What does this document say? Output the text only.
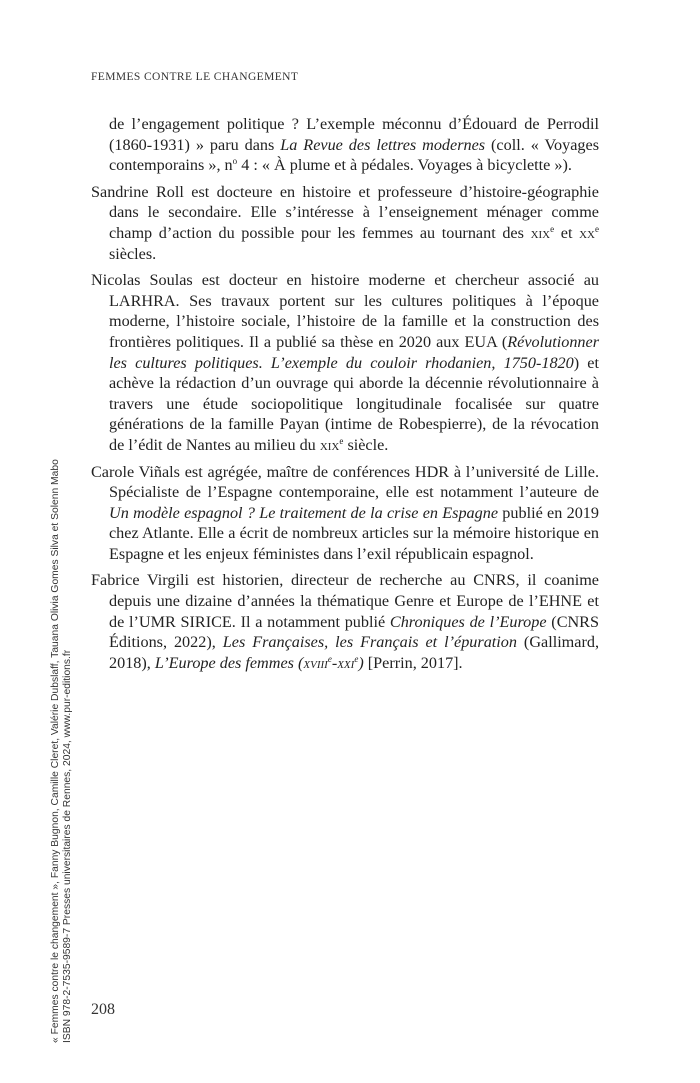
FEMMES CONTRE LE CHANGEMENT

de l’engagement politique ? L’exemple méconnu d’Édouard de Perrodil (1860-1931) » paru dans La Revue des lettres modernes (coll. « Voyages contemporains », $n^o$ 4 : « À plume et à pédales. Voyages à bicyclette »).

Sandrine Roll est docteure en histoire et professeure d’histoire-géographie dans le secondaire. Elle s’intéresse à l’enseignement ménager comme champ d’action du possible pour les femmes au tournant des xix$^e$ et $xx^e$ siècles.

Nicolas Soulas est docteur en histoire moderne et chercheur associé au LARHRA. Ses travaux portent sur les cultures politiques à l’époque moderne, l’histoire sociale, l’histoire de la famille et la construction des frontières politiques. Il a publié sa thèse en 2020 aux EUA (Révolutionner les cultures politiques. L’exemple du couloir rhodanien, 1750-1820) et achève la rédaction d’un ouvrage qui aborde la décennie révolutionnaire à travers une étude sociopolitique longitudinale focalisée sur quatre générations de la famille Payan (intime de Robespierre), de la révocation de l’édit de Nantes au milieu du xix$^e$ siècle.

Carole Viñals est agrégée, maître de conférences HDR à l’université de Lille. Spécialiste de l’Espagne contemporaine, elle est notamment l’auteure de Un modèle espagnol ? Le traitement de la crise en Espagne publié en 2019 chez Atlante. Elle a écrit de nombreux articles sur la mémoire historique en Espagne et les enjeux féministes dans l’exil républicain espagnol.

Fabrice Virgili est historien, directeur de recherche au CNRS, il coanime depuis une dizaine d’années la thématique Genre et Europe de l’EHNE et de l’UMR SIRICE. Il a notamment publié Chroniques de l’Europe (CNRS Éditions, 2022), Les Françaises, les Français et l’épuration (Gallimard, 2018), L’Europe des femmes (xviii$^e$-xxi$^e$) [Perrin, 2017].

208
« Femmes contre le changement », Fanny Bugnon, Camille Cleret, Valérie Dubslaff, Tauana Olivia Gomes Silva et Solenn Mabo ISBN 978-2-7535-9589-7 Presses universitaires de Rennes, 2024, www.pur-editions.fr
